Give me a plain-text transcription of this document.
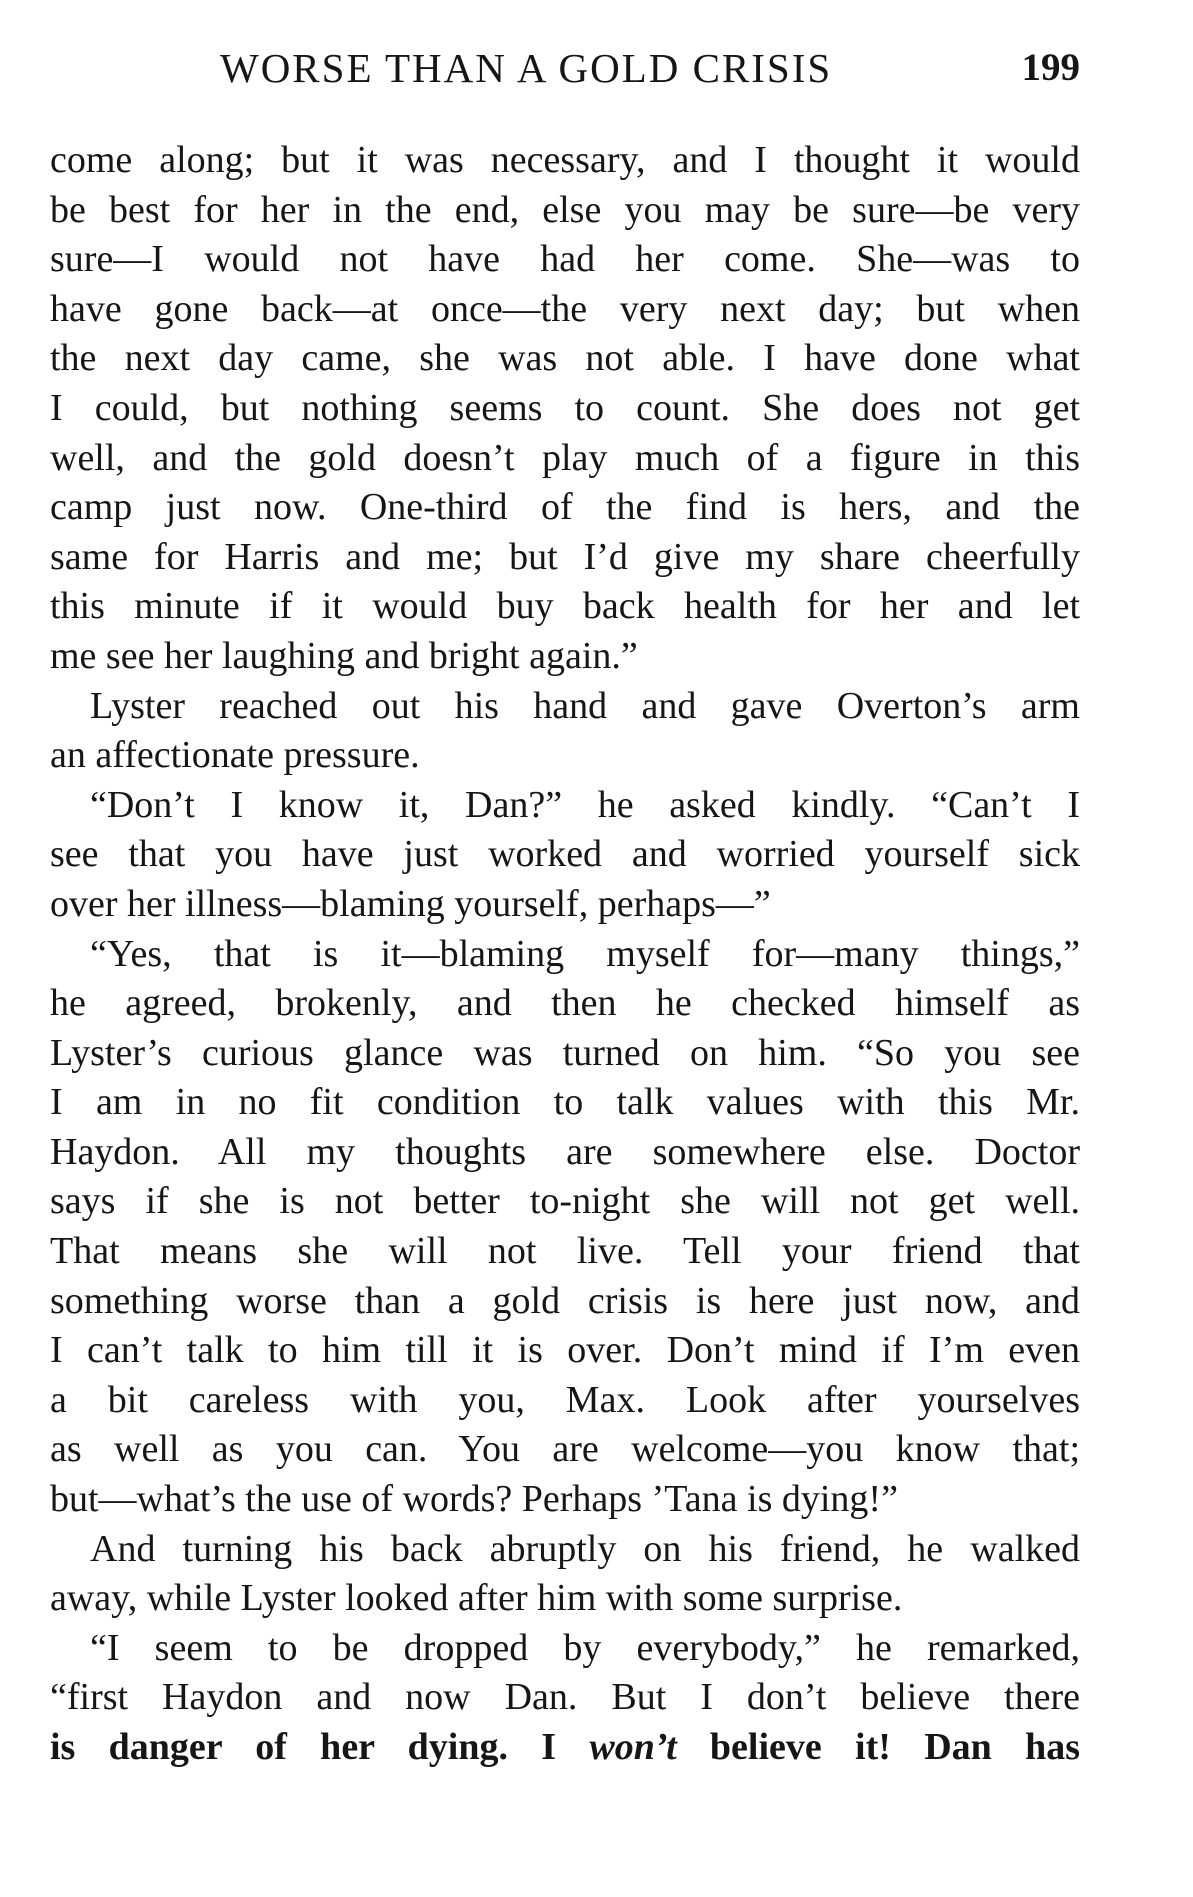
WORSE THAN A GOLD CRISIS	199
come along; but it was necessary, and I thought it would
be best for her in the end, else you may be sure—be very
sure—I would not have had her come. She—was to
have gone back—at once—the very next day; but when
the next day came, she was not able. I have done what
I could, but nothing seems to count. She does not get
well, and the gold doesn’t play much of a figure in this
camp just now. One-third of the find is hers, and the
same for Harris and me; but I’d give my share cheerfully
this minute if it would buy back health for her and let
me see her laughing and bright again.”
Lyster reached out his hand and gave Overton’s arm
an affectionate pressure.
“Don’t I know it, Dan?” he asked kindly. “Can’t I
see that you have just worked and worried yourself sick
over her illness—blaming yourself, perhaps—”
“Yes, that is it—blaming myself for—many things,”
he agreed, brokenly, and then he checked himself as
Lyster’s curious glance was turned on him. “So you see
I am in no fit condition to talk values with this Mr.
Haydon. All my thoughts are somewhere else. Doctor
says if she is not better to-night she will not get well.
That means she will not live. Tell your friend that
something worse than a gold crisis is here just now, and
I can’t talk to him till it is over. Don’t mind if I’m even
a bit careless with you, Max. Look after yourselves
as well as you can. You are welcome—you know that;
but—what’s the use of words? Perhaps ’Tana is dying!”
And turning his back abruptly on his friend, he walked
away, while Lyster looked after him with some surprise.
“I seem to be dropped by everybody,” he remarked,
“first Haydon and now Dan. But I don’t believe there
is danger of her dying. I won’t believe it! Dan has
